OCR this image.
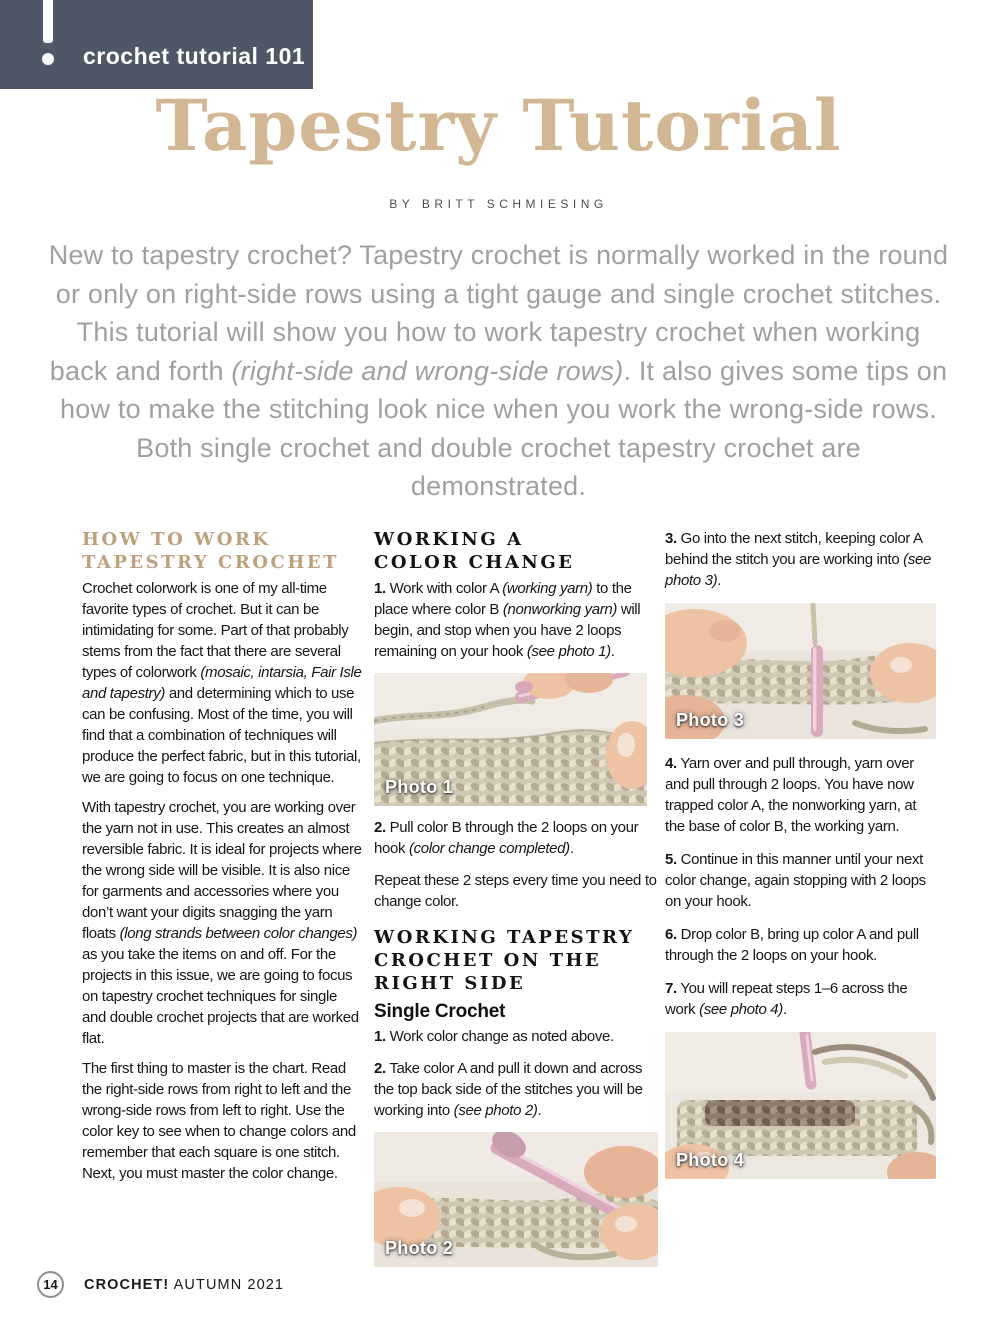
crochet tutorial 101
Tapestry Tutorial
BY BRITT SCHMIESING

New to tapestry crochet? Tapestry crochet is normally worked in the round or only on right-side rows using a tight gauge and single crochet stitches. This tutorial will show you how to work tapestry crochet when working back and forth (right-side and wrong-side rows). It also gives some tips on how to make the stitching look nice when you work the wrong-side rows. Both single crochet and double crochet tapestry crochet are demonstrated.

HOW TO WORK
TAPESTRY CROCHET

Crochet colorwork is one of my all-time favorite types of crochet. But it can be intimidating for some. Part of that probably stems from the fact that there are several types of colorwork (mosaic, intarsia, Fair Isle and tapestry) and determining which to use can be confusing. Most of the time, you will find that a combination of techniques will produce the perfect fabric, but in this tutorial, we are going to focus on one technique.

With tapestry crochet, you are working over the yarn not in use. This creates an almost reversible fabric. It is ideal for projects where the wrong side will be visible. It is also nice for garments and accessories where you don’t want your digits snagging the yarn floats (long strands between color changes) as you take the items on and off. For the projects in this issue, we are going to focus on tapestry crochet techniques for single and double crochet projects that are worked flat.

The first thing to master is the chart. Read the right-side rows from right to left and the wrong-side rows from left to right. Use the color key to see when to change colors and remember that each square is one stitch. Next, you must master the color change.

WORKING A
COLOR CHANGE

1. Work with color A (working yarn) to the place where color B (nonworking yarn) will begin, and stop when you have 2 loops remaining on your hook (see photo 1).

Photo 1

2. Pull color B through the 2 loops on your hook (color change completed).

Repeat these 2 steps every time you need to change color.

WORKING TAPESTRY
CROCHET ON THE
RIGHT SIDE
Single Crochet

1. Work color change as noted above.

2. Take color A and pull it down and across the top back side of the stitches you will be working into (see photo 2).

Photo 2

3. Go into the next stitch, keeping color A behind the stitch you are working into (see photo 3).

Photo 3

4. Yarn over and pull through, yarn over and pull through 2 loops. You have now trapped color A, the nonworking yarn, at the base of color B, the working yarn.

5. Continue in this manner until your next color change, again stopping with 2 loops on your hook.

6. Drop color B, bring up color A and pull through the 2 loops on your hook.

7. You will repeat steps 1–6 across the work (see photo 4).

Photo 4
14 CROCHET! AUTUMN 2021
